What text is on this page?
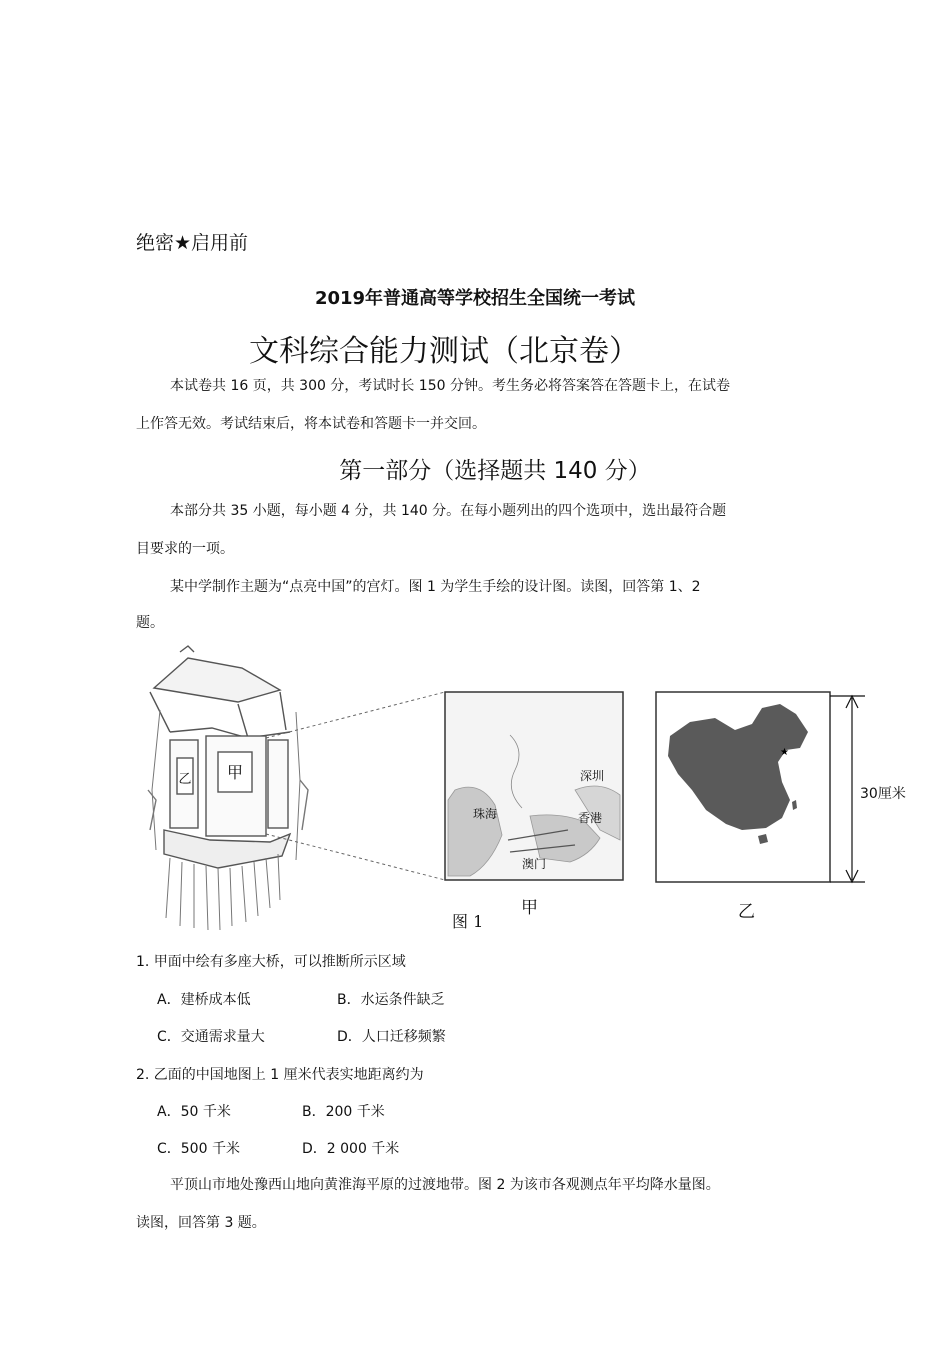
绝密★启用前
2019年普通高等学校招生全国统一考试
文科综合能力测试（北京卷）
本试卷共 16 页，共 300 分，考试时长 150 分钟。考生务必将答案答在答题卡上，在试卷
上作答无效。考试结束后，将本试卷和答题卡一并交回。
第一部分（选择题共 140 分）
本部分共 35 小题，每小题 4 分，共 140 分。在每小题列出的四个选项中，选出最符合题
目要求的一项。
某中学制作主题为“点亮中国”的宫灯。图 1 为学生手绘的设计图。读图，回答第 1、2
题。
乙 甲	深圳
珠海	香港
澳门
★
30厘米
甲	乙
图 1
1. 甲面中绘有多座大桥，可以推断所示区域
A．建桥成本低	B．水运条件缺乏
C．交通需求量大	D．人口迁移频繁
2. 乙面的中国地图上 1 厘米代表实地距离约为
A．50 千米	B．200 千米
C．500 千米	D．2 000 千米
平顶山市地处豫西山地向黄淮海平原的过渡地带。图 2 为该市各观测点年平均降水量图。
读图，回答第 3 题。
